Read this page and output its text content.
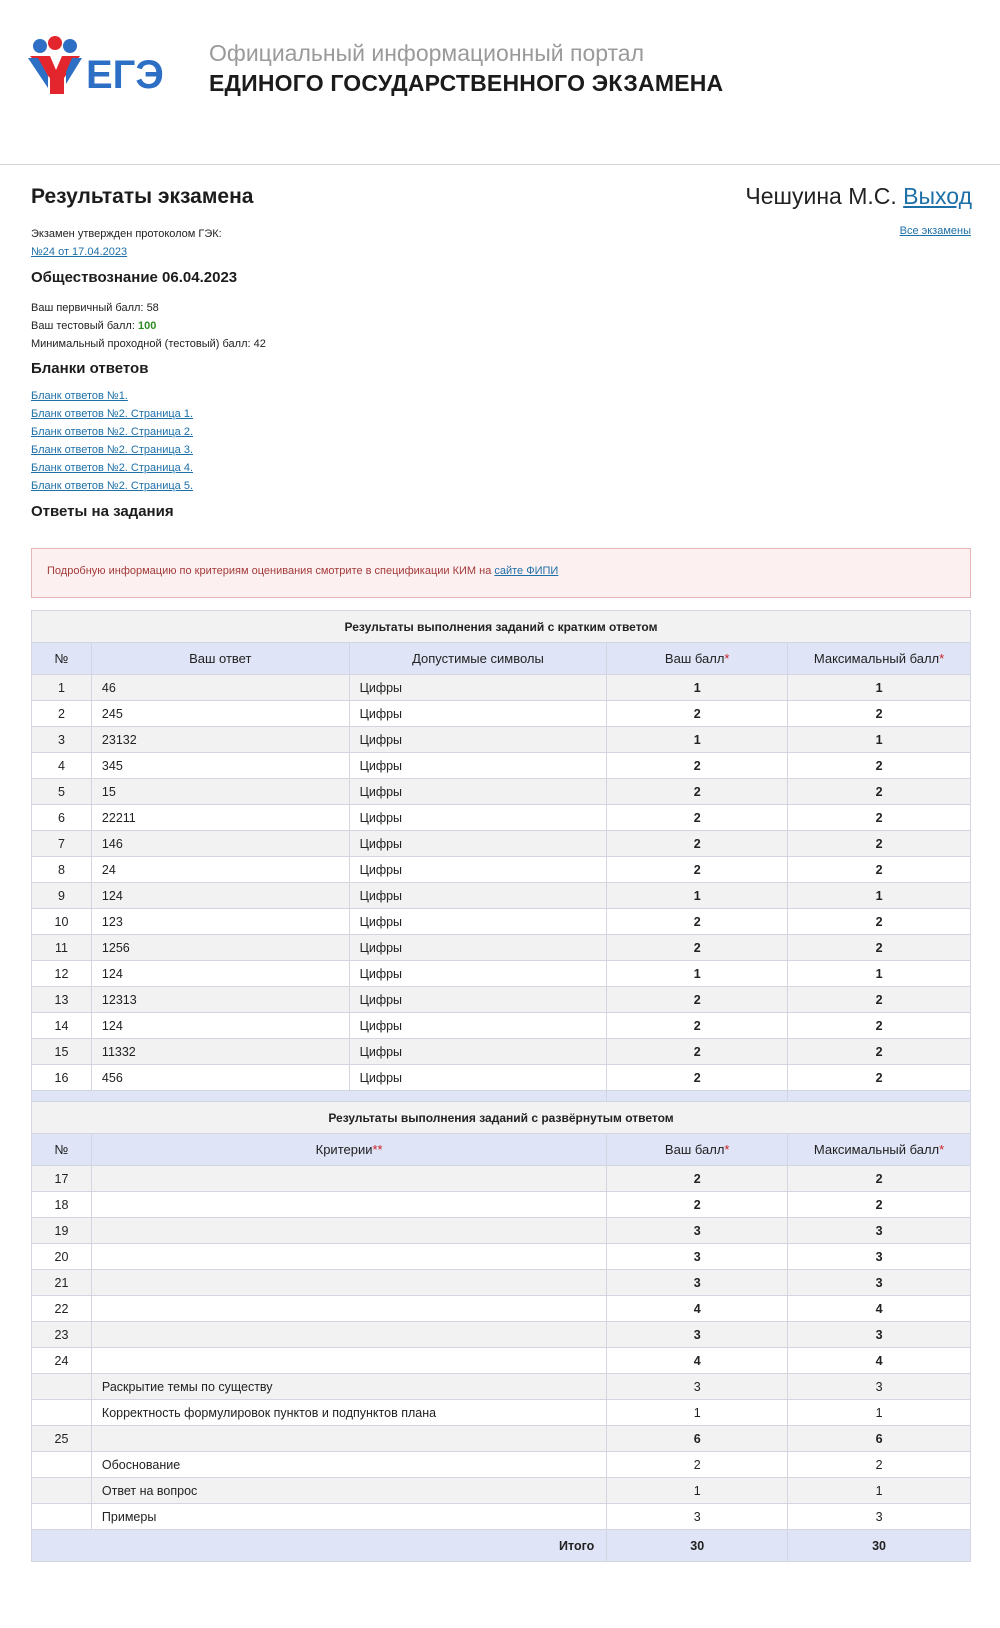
ЕГЭ Официальный информационный портал
ЕДИНОГО ГОСУДАРСТВЕННОГО ЭКЗАМЕНА
Результаты экзамена	Чешуина М.С. Выход
Все экзамены
Экзамен утвержден протоколом ГЭК:
№24 от 17.04.2023
Обществознание 06.04.2023
Ваш первичный балл: 58
Ваш тестовый балл: 100
Минимальный проходной (тестовый) балл: 42
Бланки ответов
Бланк ответов №1.
Бланк ответов №2. Страница 1.
Бланк ответов №2. Страница 2.
Бланк ответов №2. Страница 3.
Бланк ответов №2. Страница 4.
Бланк ответов №2. Страница 5.
Ответы на задания
Подробную информацию по критериям оценивания смотрите в спецификации КИМ на сайте ФИПИ
Результаты выполнения заданий с кратким ответом				
№	Ваш ответ	Допустимые символы	Ваш балл*	Максимальный балл*
1	46	Цифры	1	1
2	245	Цифры	2	2
3	23132	Цифры	1	1
4	345	Цифры	2	2
5	15	Цифры	2	2
6	22211	Цифры	2	2
7	146	Цифры	2	2
8	24	Цифры	2	2
9	124	Цифры	1	1
10	123	Цифры	2	2
11	1256	Цифры	2	2
12	124	Цифры	1	1
13	12313	Цифры	2	2
14	124	Цифры	2	2
15	11332	Цифры	2	2
16	456	Цифры	2	2

Результаты выполнения заданий с развёрнутым ответом			
№	Критерии**	Ваш балл*	Максимальный балл*
17		2	2
18		2	2
19		3	3
20		3	3
21		3	3
22		4	4
23		3	3
24		4	4
	Раскрытие темы по существу	3	3
	Корректность формулировок пунктов и подпунктов плана	1	1
25		6	6
	Обоснование	2	2
	Ответ на вопрос	1	1
	Примеры	3	3
Итого		30	30
